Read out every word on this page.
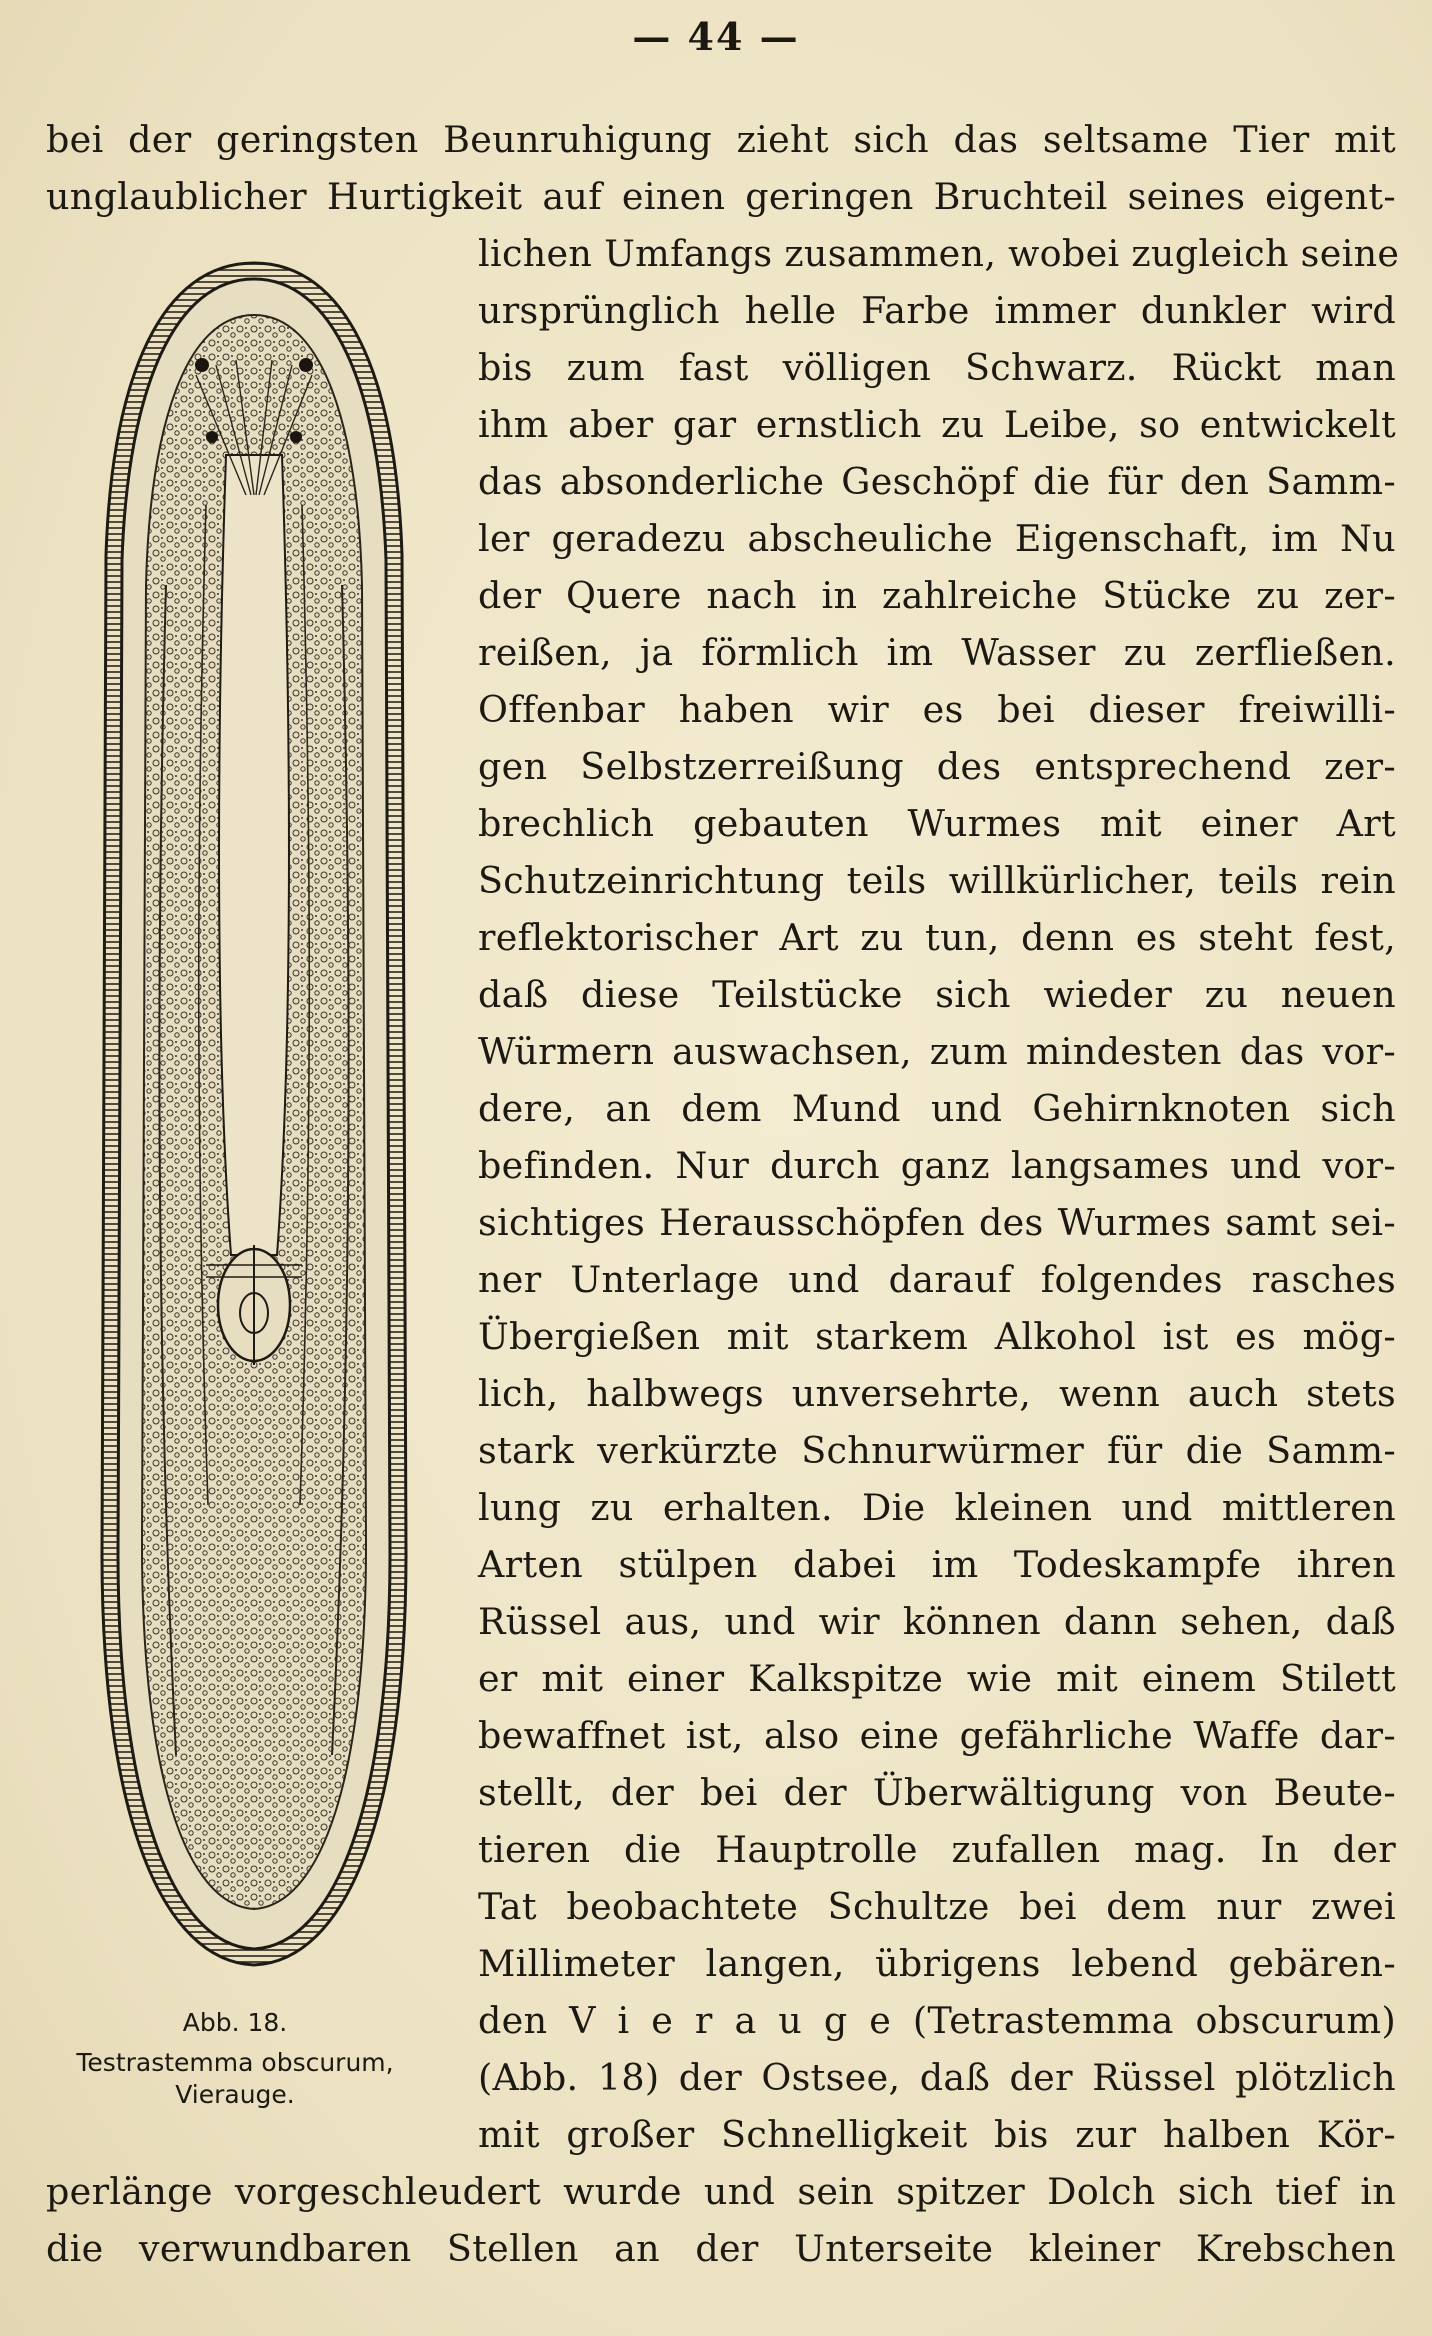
— 44 —

bei der geringsten Beunruhigung zieht sich das seltsame Tier mit

unglaublicher Hurtigkeit auf einen geringen Bruchteil seines eigent-

lichen Umfangs zusammen, wobei zugleich seine

ursprünglich helle Farbe immer dunkler wird

bis zum fast völligen Schwarz. Rückt man

ihm aber gar ernstlich zu Leibe, so entwickelt

das absonderliche Geschöpf die für den Samm-

ler geradezu abscheuliche Eigenschaft, im Nu

der Quere nach in zahlreiche Stücke zu zer-

reißen, ja förmlich im Wasser zu zerfließen.

Offenbar haben wir es bei dieser freiwilli-

gen Selbstzerreißung des entsprechend zer-

brechlich gebauten Wurmes mit einer Art

Schutzeinrichtung teils willkürlicher, teils rein

reflektorischer Art zu tun, denn es steht fest,

daß diese Teilstücke sich wieder zu neuen

Würmern auswachsen, zum mindesten das vor-

dere, an dem Mund und Gehirnknoten sich

befinden. Nur durch ganz langsames und vor-

sichtiges Herausschöpfen des Wurmes samt sei-

ner Unterlage und darauf folgendes rasches

Übergießen mit starkem Alkohol ist es mög-

lich, halbwegs unversehrte, wenn auch stets

stark verkürzte Schnurwürmer für die Samm-

lung zu erhalten. Die kleinen und mittleren

Arten stülpen dabei im Todeskampfe ihren

Rüssel aus, und wir können dann sehen, daß

er mit einer Kalkspitze wie mit einem Stilett

bewaffnet ist, also eine gefährliche Waffe dar-

stellt, der bei der Überwältigung von Beute-

tieren die Hauptrolle zufallen mag. In der

Tat beobachtete Schultze bei dem nur zwei

Millimeter langen, übrigens lebend gebären-

den V i e r a u g e (Tetrastemma obscurum)

(Abb. 18) der Ostsee, daß der Rüssel plötzlich

mit großer Schnelligkeit bis zur halben Kör-

perlänge vorgeschleudert wurde und sein spitzer Dolch sich tief in

die verwundbaren Stellen an der Unterseite kleiner Krebschen

Abb. 18.
Testrastemma obscurum,
Vierauge.
